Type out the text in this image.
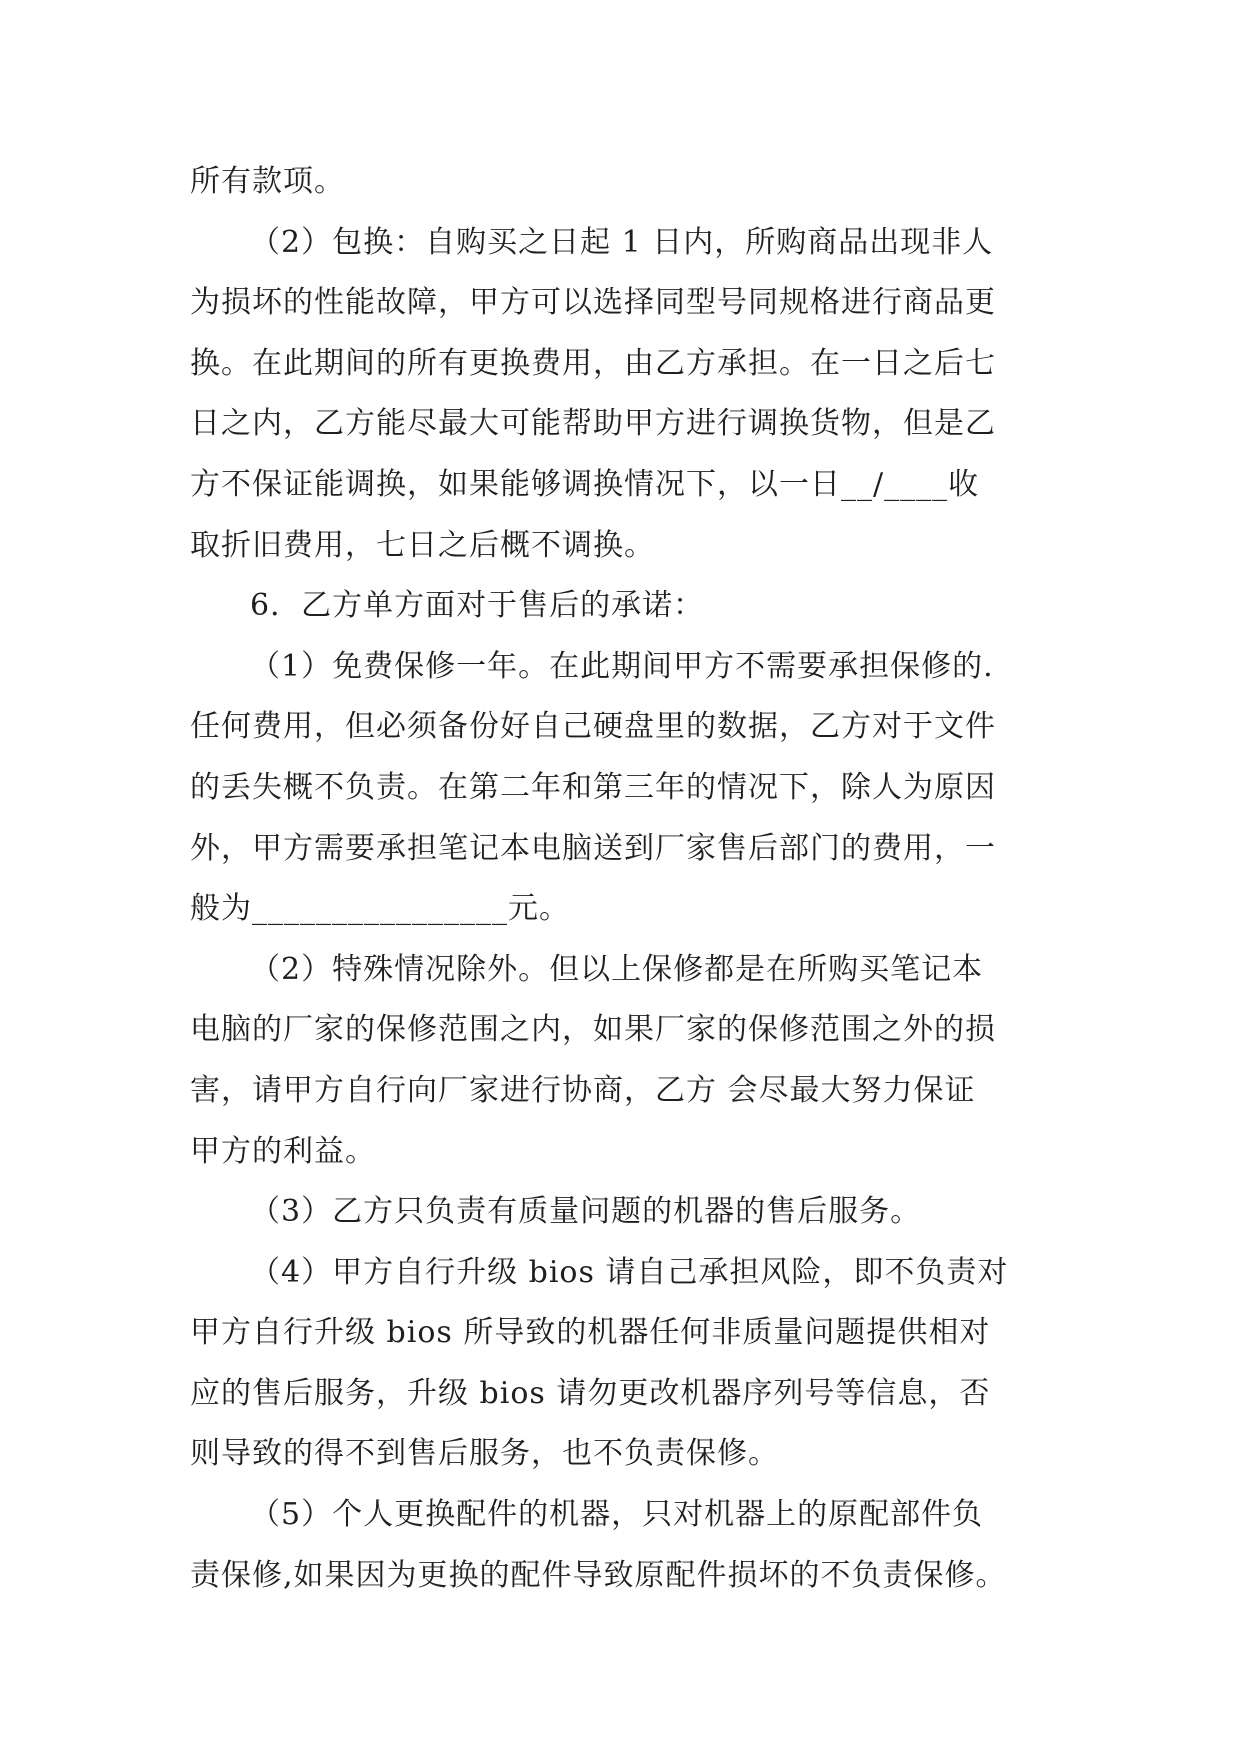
所有款项。
（2）包换：自购买之日起 1 日内，所购商品出现非人
为损坏的性能故障，甲方可以选择同型号同规格进行商品更
换。在此期间的所有更换费用，由乙方承担。在一日之后七
日之内，乙方能尽最大可能帮助甲方进行调换货物，但是乙
方不保证能调换，如果能够调换情况下，以一日__/____收
取折旧费用，七日之后概不调换。
6．乙方单方面对于售后的承诺：
（1）免费保修一年。在此期间甲方不需要承担保修的.
任何费用，但必须备份好自己硬盘里的数据，乙方对于文件
的丢失概不负责。在第二年和第三年的情况下，除人为原因
外，甲方需要承担笔记本电脑送到厂家售后部门的费用，一
般为________________元。
（2）特殊情况除外。但以上保修都是在所购买笔记本
电脑的厂家的保修范围之内，如果厂家的保修范围之外的损
害，请甲方自行向厂家进行协商，乙方 会尽最大努力保证
甲方的利益。
（3）乙方只负责有质量问题的机器的售后服务。
（4）甲方自行升级 bios 请自己承担风险，即不负责对
甲方自行升级 bios 所导致的机器任何非质量问题提供相对
应的售后服务，升级 bios 请勿更改机器序列号等信息，否
则导致的得不到售后服务，也不负责保修。
（5）个人更换配件的机器，只对机器上的原配部件负
责保修,如果因为更换的配件导致原配件损坏的不负责保修。
